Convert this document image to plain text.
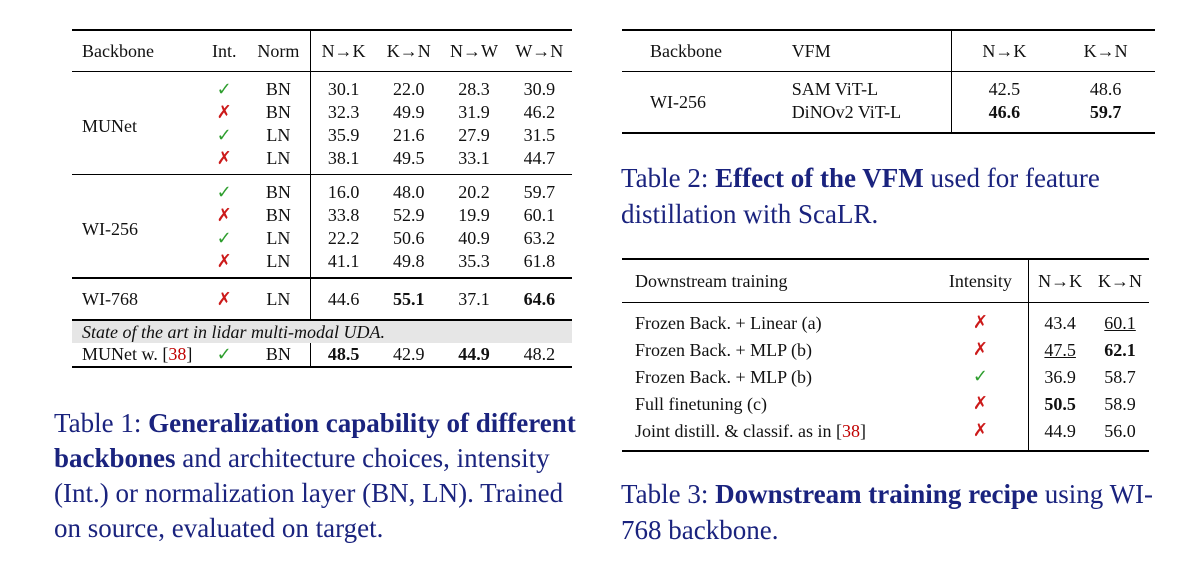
Backbone	Int.	Norm	N→K	K→N	N→W	W→N
MUNet	✓	BN	30.1	22.0	28.3	30.9
	✗	BN	32.3	49.9	31.9	46.2
	✓	LN	35.9	21.6	27.9	31.5
	✗	LN	38.1	49.5	33.1	44.7
WI-256	✓	BN	16.0	48.0	20.2	59.7
	✗	BN	33.8	52.9	19.9	60.1
	✓	LN	22.2	50.6	40.9	63.2
	✗	LN	41.1	49.8	35.3	61.8
WI-768	✗	LN	44.6	55.1	37.1	64.6
State of the art in lidar multi-modal UDA.						
MUNet w. [38]	✓	BN	48.5	42.9	44.9	48.2
Table 1: Generalization capability of different backbones and architecture choices, intensity (Int.) or normalization layer (BN, LN). Trained on source, evaluated on target.
Backbone	VFM	N→K	K→N
WI-256	SAM ViT-L	42.5	48.6
	DiNOv2 ViT-L	46.6	59.7
Table 2: Effect of the VFM used for feature distillation with ScaLR.
Downstream training	Intensity	N→K	K→N
Frozen Back. + Linear (a)	✗	43.4	60.1
Frozen Back. + MLP (b)	✗	47.5	62.1
Frozen Back. + MLP (b)	✓	36.9	58.7
Full finetuning (c)	✗	50.5	58.9
Joint distill. & classif. as in [38]	✗	44.9	56.0
Table 3: Downstream training recipe using WI-768 backbone.
